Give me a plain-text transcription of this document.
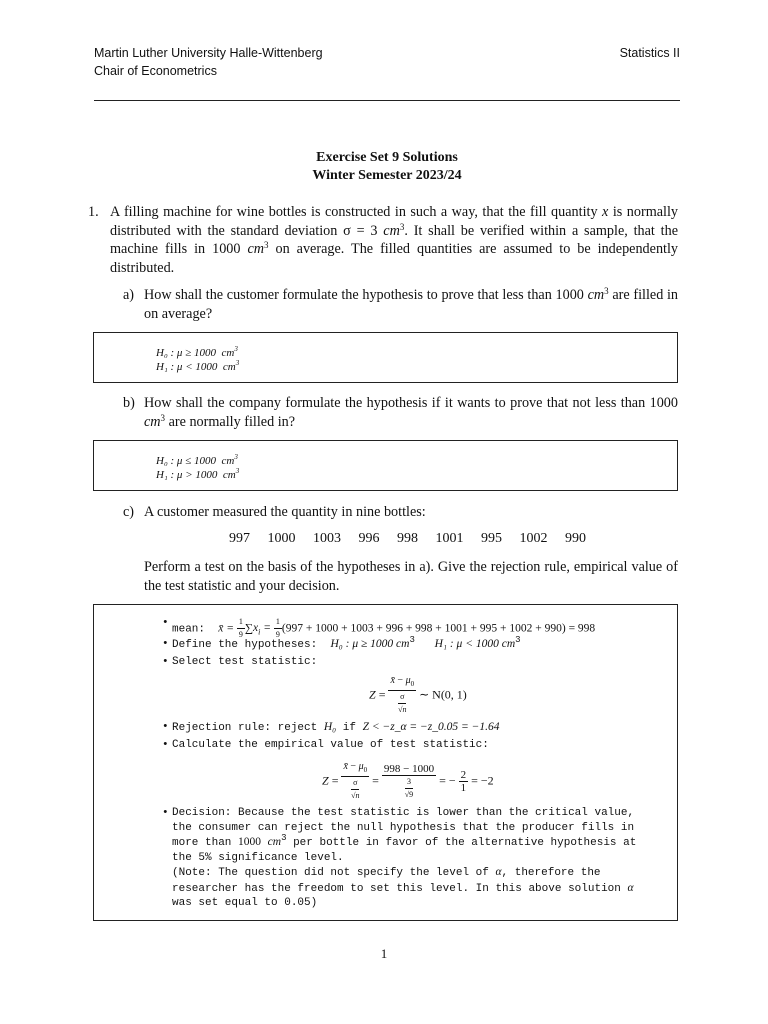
Martin Luther University Halle-Wittenberg
Chair of Econometrics
Statistics II
Exercise Set 9 Solutions
Winter Semester 2023/24
1. A filling machine for wine bottles is constructed in such a way, that the fill quantity x is normally distributed with the standard deviation σ = 3 $cm^3$. It shall be verified within a sample, that the machine fills in 1000 $cm^3$ on average. The filled quantities are assumed to be independently distributed.
a) How shall the customer formulate the hypothesis to prove that less than 1000 $cm^3$ are filled in on average?
H₀ : μ ≥ 1000 $cm^3$
H₁ : μ < 1000 $cm^3$
b) How shall the company formulate the hypothesis if it wants to prove that not less than 1000 $cm^3$ are normally filled in?
H₀ : μ ≤ 1000 $cm^3$
H₁ : μ > 1000 $cm^3$
c) A customer measured the quantity in nine bottles:
997 1000 1003 996 998 1001 995 1002 990
Perform a test on the basis of the hypotheses in a). Give the rejection rule, empirical value of the test statistic and your decision.
•
mean: x̄ = $\frac{1}{9} \sum x_i = \frac{1}{9} (997 + 1000 + 1003 + 996 + 998 + 1001 + 995 + 1002 + 990) = 998$
• Define the hypotheses: H₀ : μ ≥ 1000 $cm^3$ H₁ : μ < 1000 $cm^3$
• Select test statistic:
$Z = \frac{x̄ - \mu_0}{\frac{\sigma}{√n}}$ ∼ N(0, 1)
• Rejection rule: reject H₀ if Z < −z_α = −z_0.05 = −1.64
• Calculate the empirical value of test statistic:
$Z = \frac{x̄ - \mu_0}{\frac{\sigma}{√n}} = \frac{998 - 1000}{\frac{3}{√9}}$ = − $\frac{2}{1} = -2$
• Decision: Because the test statistic is lower than the critical value,
the consumer can reject the null hypothesis that the producer fills in
more than 1000 $cm^3$ per bottle in favor of the alternative hypothesis at
the 5% significance level.
(Note: The question did not specify the level of α, therefore the
researcher has the freedom to set this level. In this above solution α
was set equal to 0.05)
1
